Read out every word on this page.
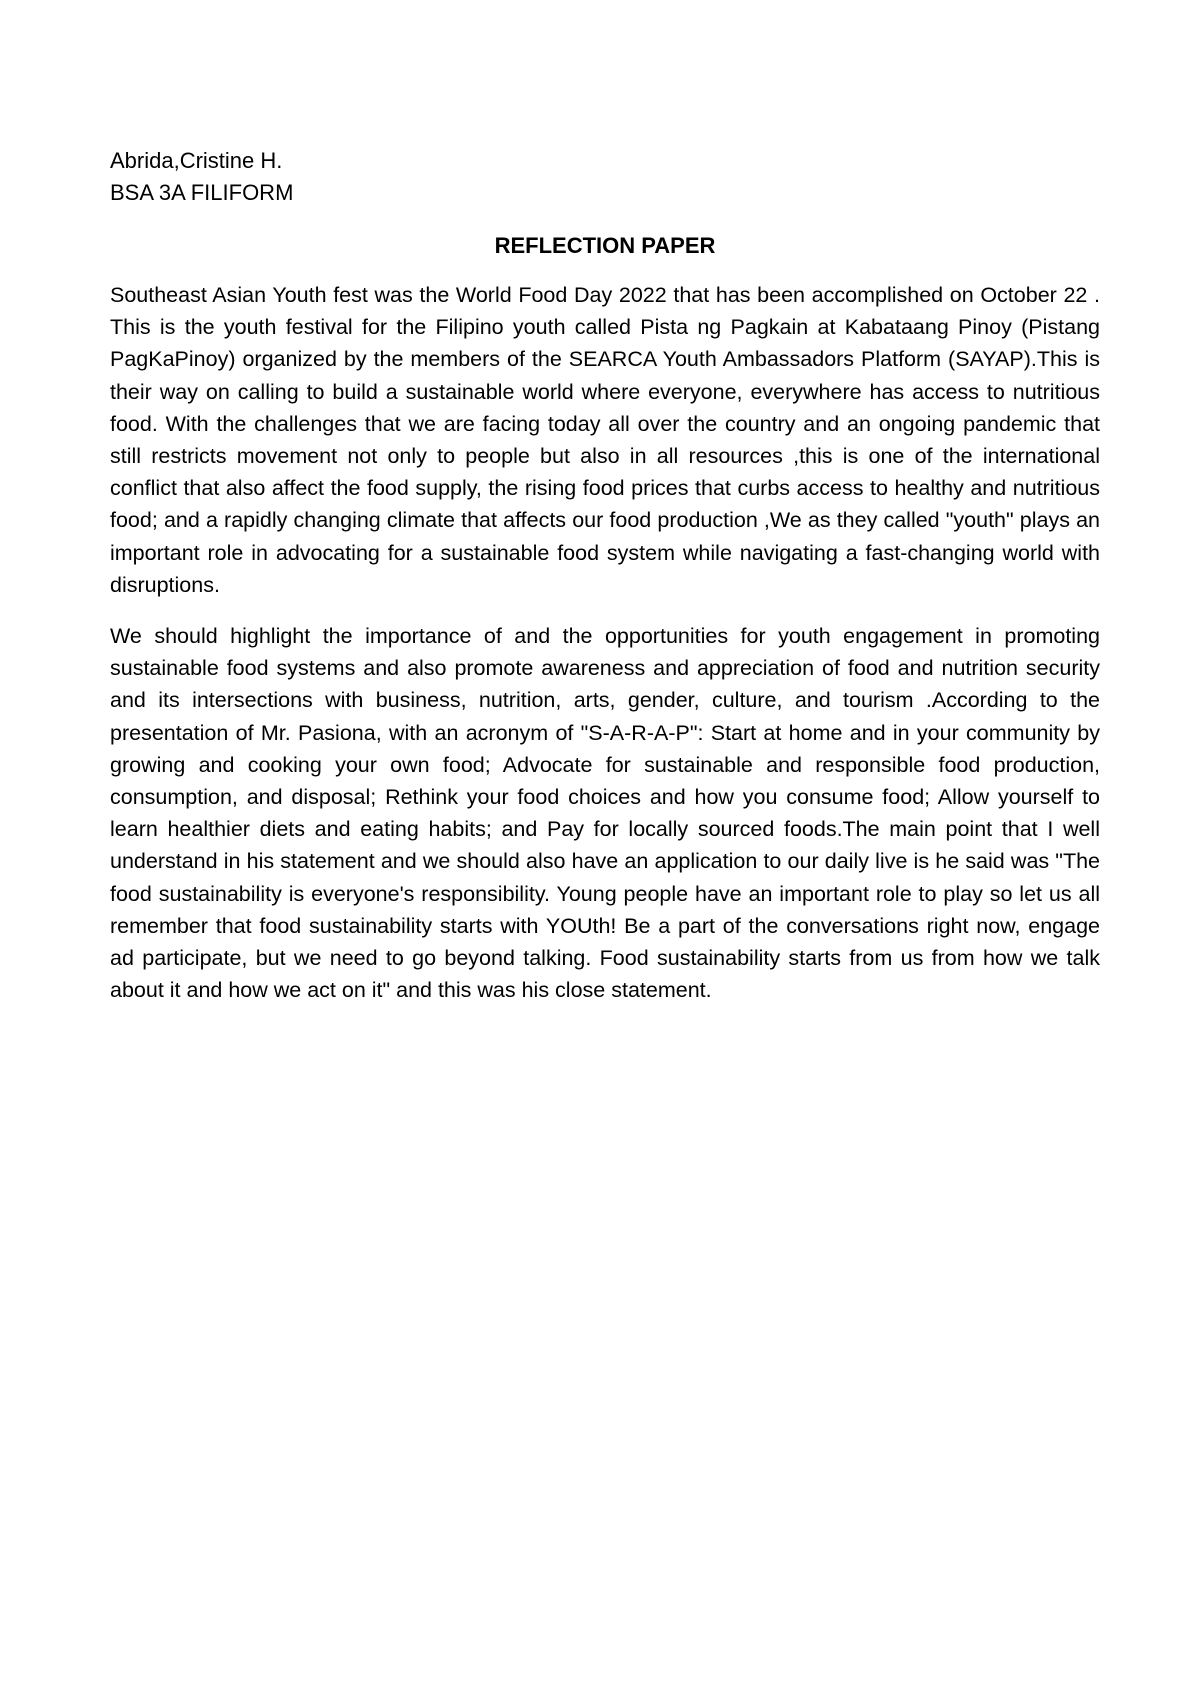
Abrida,Cristine H.

BSA 3A FILIFORM

REFLECTION PAPER

Southeast Asian Youth fest was the World Food Day 2022 that has been accomplished on October 22 . This is the youth festival for the Filipino youth called Pista ng Pagkain at Kabataang Pinoy (Pistang PagKaPinoy) organized by the members of the SEARCA Youth Ambassadors Platform (SAYAP).This is their way on calling to build a sustainable world where everyone, everywhere has access to nutritious food. With the challenges that we are facing today all over the country and an ongoing pandemic that still restricts movement not only to people but also in all resources ,this is one of the international conflict that also affect the food supply, the rising food prices that curbs access to healthy and nutritious food; and a rapidly changing climate that affects our food production ,We as they called "youth" plays an important role in advocating for a sustainable food system while navigating a fast-changing world with disruptions.

We should highlight the importance of and the opportunities for youth engagement in promoting sustainable food systems and also promote awareness and appreciation of food and nutrition security and its intersections with business, nutrition, arts, gender, culture, and tourism .According to the presentation of Mr. Pasiona, with an acronym of "S-A-R-A-P": Start at home and in your community by growing and cooking your own food; Advocate for sustainable and responsible food production, consumption, and disposal; Rethink your food choices and how you consume food; Allow yourself to learn healthier diets and eating habits; and Pay for locally sourced foods.The main point that I well understand in his statement and we should also have an application to our daily live is he said was "The food sustainability is everyone's responsibility. Young people have an important role to play so let us all remember that food sustainability starts with YOUth! Be a part of the conversations right now, engage ad participate, but we need to go beyond talking. Food sustainability starts from us from how we talk about it and how we act on it" and this was his close statement.
